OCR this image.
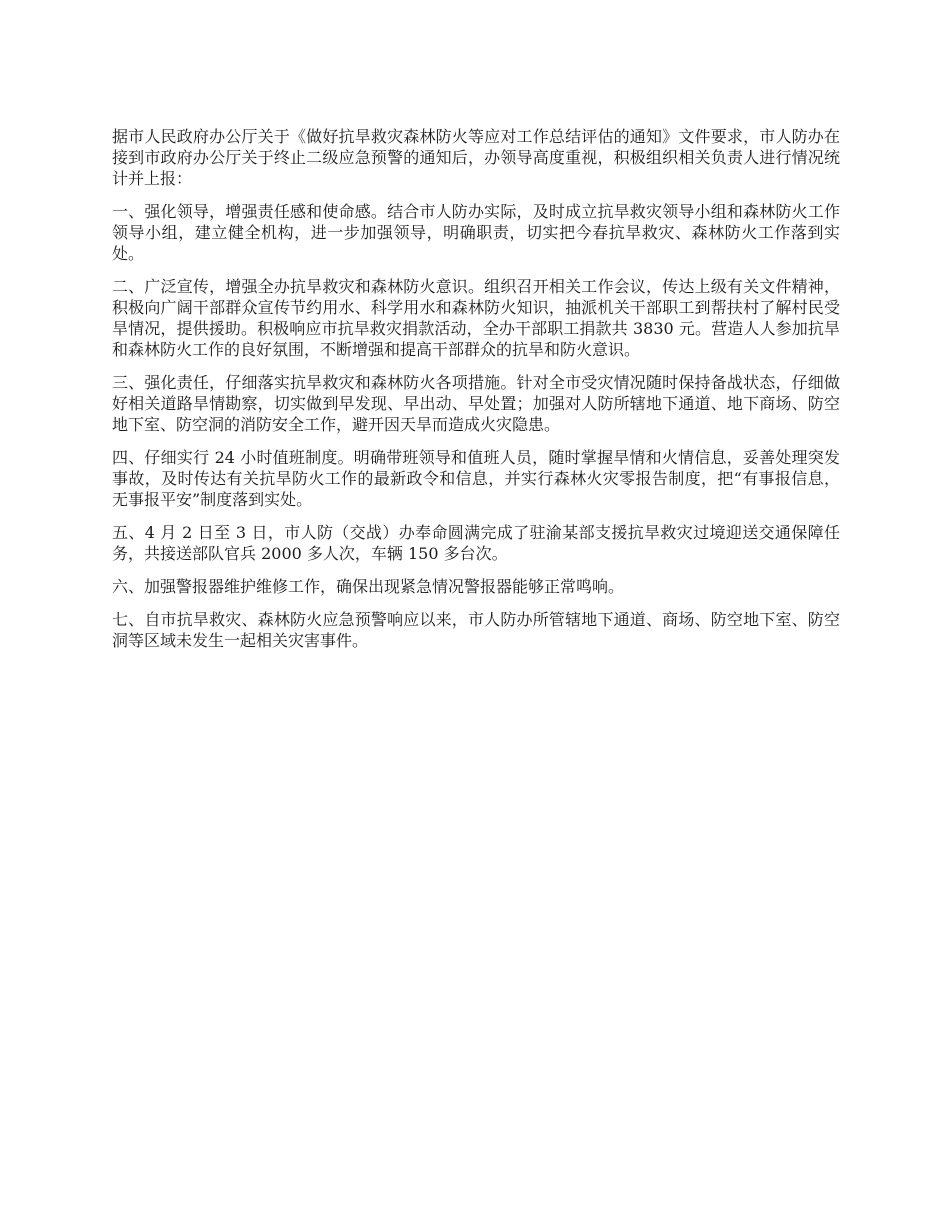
据市人民政府办公厅关于《做好抗旱救灾森林防火等应对工作总结评估的通知》文件要求，市人防办在接到市政府办公厅关于终止二级应急预警的通知后，办领导高度重视，积极组织相关负责人进行情况统计并上报：

一、强化领导，增强责任感和使命感。结合市人防办实际，及时成立抗旱救灾领导小组和森林防火工作领导小组，建立健全机构，进一步加强领导，明确职责，切实把今春抗旱救灾、森林防火工作落到实处。

二、广泛宣传，增强全办抗旱救灾和森林防火意识。组织召开相关工作会议，传达上级有关文件精神，积极向广阔干部群众宣传节约用水、科学用水和森林防火知识，抽派机关干部职工到帮扶村了解村民受旱情况，提供援助。积极响应市抗旱救灾捐款活动，全办干部职工捐款共 3830 元。营造人人参加抗旱和森林防火工作的良好氛围，不断增强和提高干部群众的抗旱和防火意识。

三、强化责任，仔细落实抗旱救灾和森林防火各项措施。针对全市受灾情况随时保持备战状态，仔细做好相关道路旱情勘察，切实做到早发现、早出动、早处置；加强对人防所辖地下通道、地下商场、防空地下室、防空洞的消防安全工作，避开因天旱而造成火灾隐患。

四、仔细实行 24 小时值班制度。明确带班领导和值班人员，随时掌握旱情和火情信息，妥善处理突发事故，及时传达有关抗旱防火工作的最新政令和信息，并实行森林火灾零报告制度，把“有事报信息，无事报平安”制度落到实处。

五、4 月 2 日至 3 日，市人防（交战）办奉命圆满完成了驻渝某部支援抗旱救灾过境迎送交通保障任务，共接送部队官兵 2000 多人次，车辆 150 多台次。

六、加强警报器维护维修工作，确保出现紧急情况警报器能够正常鸣响。

七、自市抗旱救灾、森林防火应急预警响应以来，市人防办所管辖地下通道、商场、防空地下室、防空洞等区域未发生一起相关灾害事件。
